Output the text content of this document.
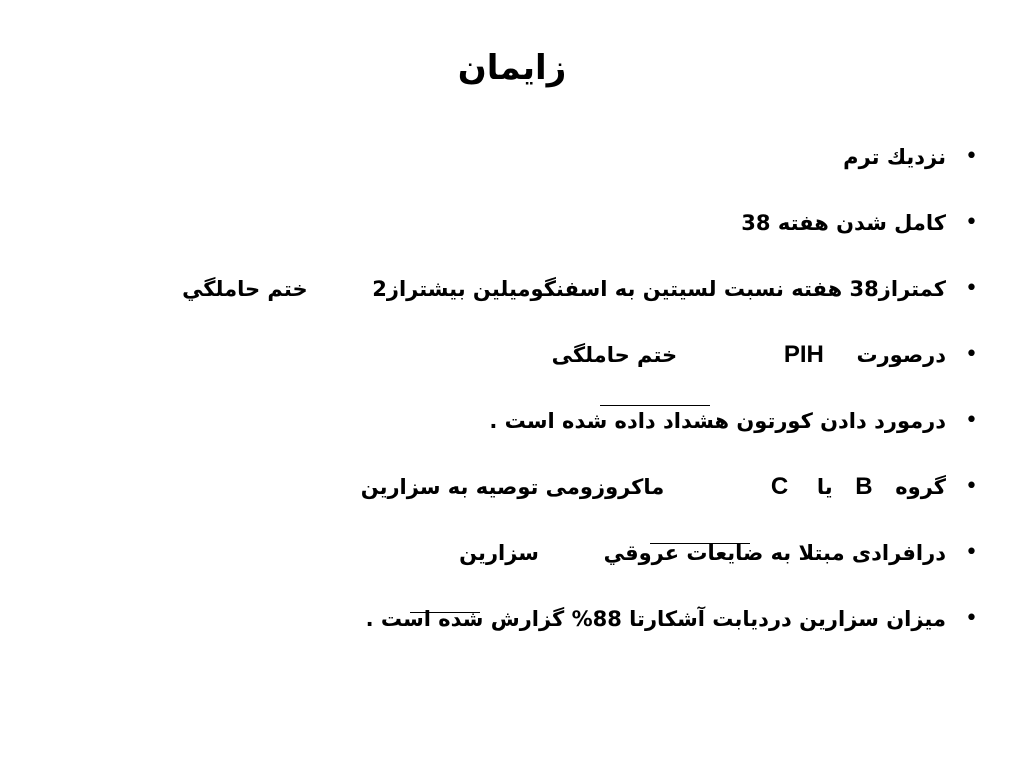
زایمان
•
نزديك ترم
•
كامل شدن هفته 38
•
كمتراز38 هفته نسبت لسيتين به اسفنگوميلين بيشتراز2  ختم حاملگي
•
درصورت  PIH  ختم حاملگی
•
درمورد دادن كورتون هشداد داده شده است .
•
گروه  B  يا  C  ماكروزومی توصيه به سزارين
•
درافرادی مبتلا به ضايعات عروقي  سزارين
•
ميزان سزارين درديابت آشكارتا 88% گزارش شده است .
